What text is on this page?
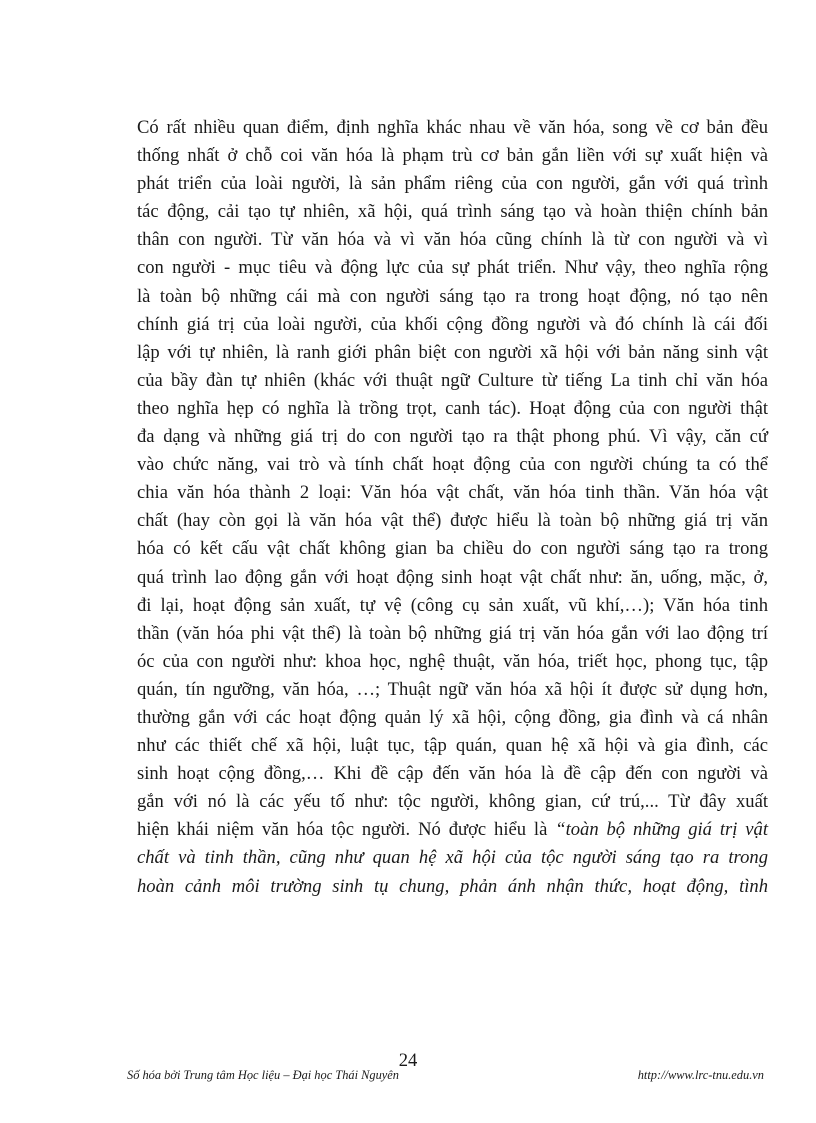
Có rất nhiều quan điểm, định nghĩa khác nhau về văn hóa, song về cơ bản đều
thống nhất ở chỗ coi văn hóa là phạm trù cơ bản gắn liền với sự xuất hiện và
phát triển của loài người, là sản phẩm riêng của con người, gắn với quá trình
tác động, cải tạo tự nhiên, xã hội, quá trình sáng tạo và hoàn thiện chính bản
thân con người. Từ văn hóa và vì văn hóa cũng chính là từ con người và vì
con người - mục tiêu và động lực của sự phát triển. Như vậy, theo nghĩa rộng
là toàn bộ những cái mà con người sáng tạo ra trong hoạt động, nó tạo nên
chính giá trị của loài người, của khối cộng đồng người và đó chính là cái đối
lập với tự nhiên, là ranh giới phân biệt con người xã hội với bản năng sinh vật
của bầy đàn tự nhiên (khác với thuật ngữ Culture từ tiếng La tinh chỉ văn hóa
theo nghĩa hẹp có nghĩa là trồng trọt, canh tác). Hoạt động của con người thật
đa dạng và những giá trị do con người tạo ra thật phong phú. Vì vậy, căn cứ
vào chức năng, vai trò và tính chất hoạt động của con người chúng ta có thể
chia văn hóa thành 2 loại: Văn hóa vật chất, văn hóa tinh thần. Văn hóa vật
chất (hay còn gọi là văn hóa vật thể) được hiểu là toàn bộ những giá trị văn
hóa có kết cấu vật chất không gian ba chiều do con người sáng tạo ra trong
quá trình lao động gắn với hoạt động sinh hoạt vật chất như: ăn, uống, mặc, ở,
đi lại, hoạt động sản xuất, tự vệ (công cụ sản xuất, vũ khí,…); Văn hóa tinh
thần (văn hóa phi vật thể) là toàn bộ những giá trị văn hóa gắn với lao động trí
óc của con người như: khoa học, nghệ thuật, văn hóa, triết học, phong tục, tập
quán, tín ngưỡng, văn hóa, …; Thuật ngữ văn hóa xã hội ít được sử dụng hơn,
thường gắn với các hoạt động quản lý xã hội, cộng đồng, gia đình và cá nhân
như các thiết chế xã hội, luật tục, tập quán, quan hệ xã hội và gia đình, các
sinh hoạt cộng đồng,… Khi đề cập đến văn hóa là đề cập đến con người và
gắn với nó là các yếu tố như: tộc người, không gian, cứ trú,... Từ đây xuất
hiện khái niệm văn hóa tộc người. Nó được hiểu là “toàn bộ những giá trị vật
chất và tinh thần, cũng như quan hệ xã hội của tộc người sáng tạo ra trong
hoàn cảnh môi trường sinh tụ chung, phản ánh nhận thức, hoạt động, tình
24
Số hóa bởi Trung tâm Học liệu – Đại học Thái Nguyên	http://www.lrc-tnu.edu.vn
